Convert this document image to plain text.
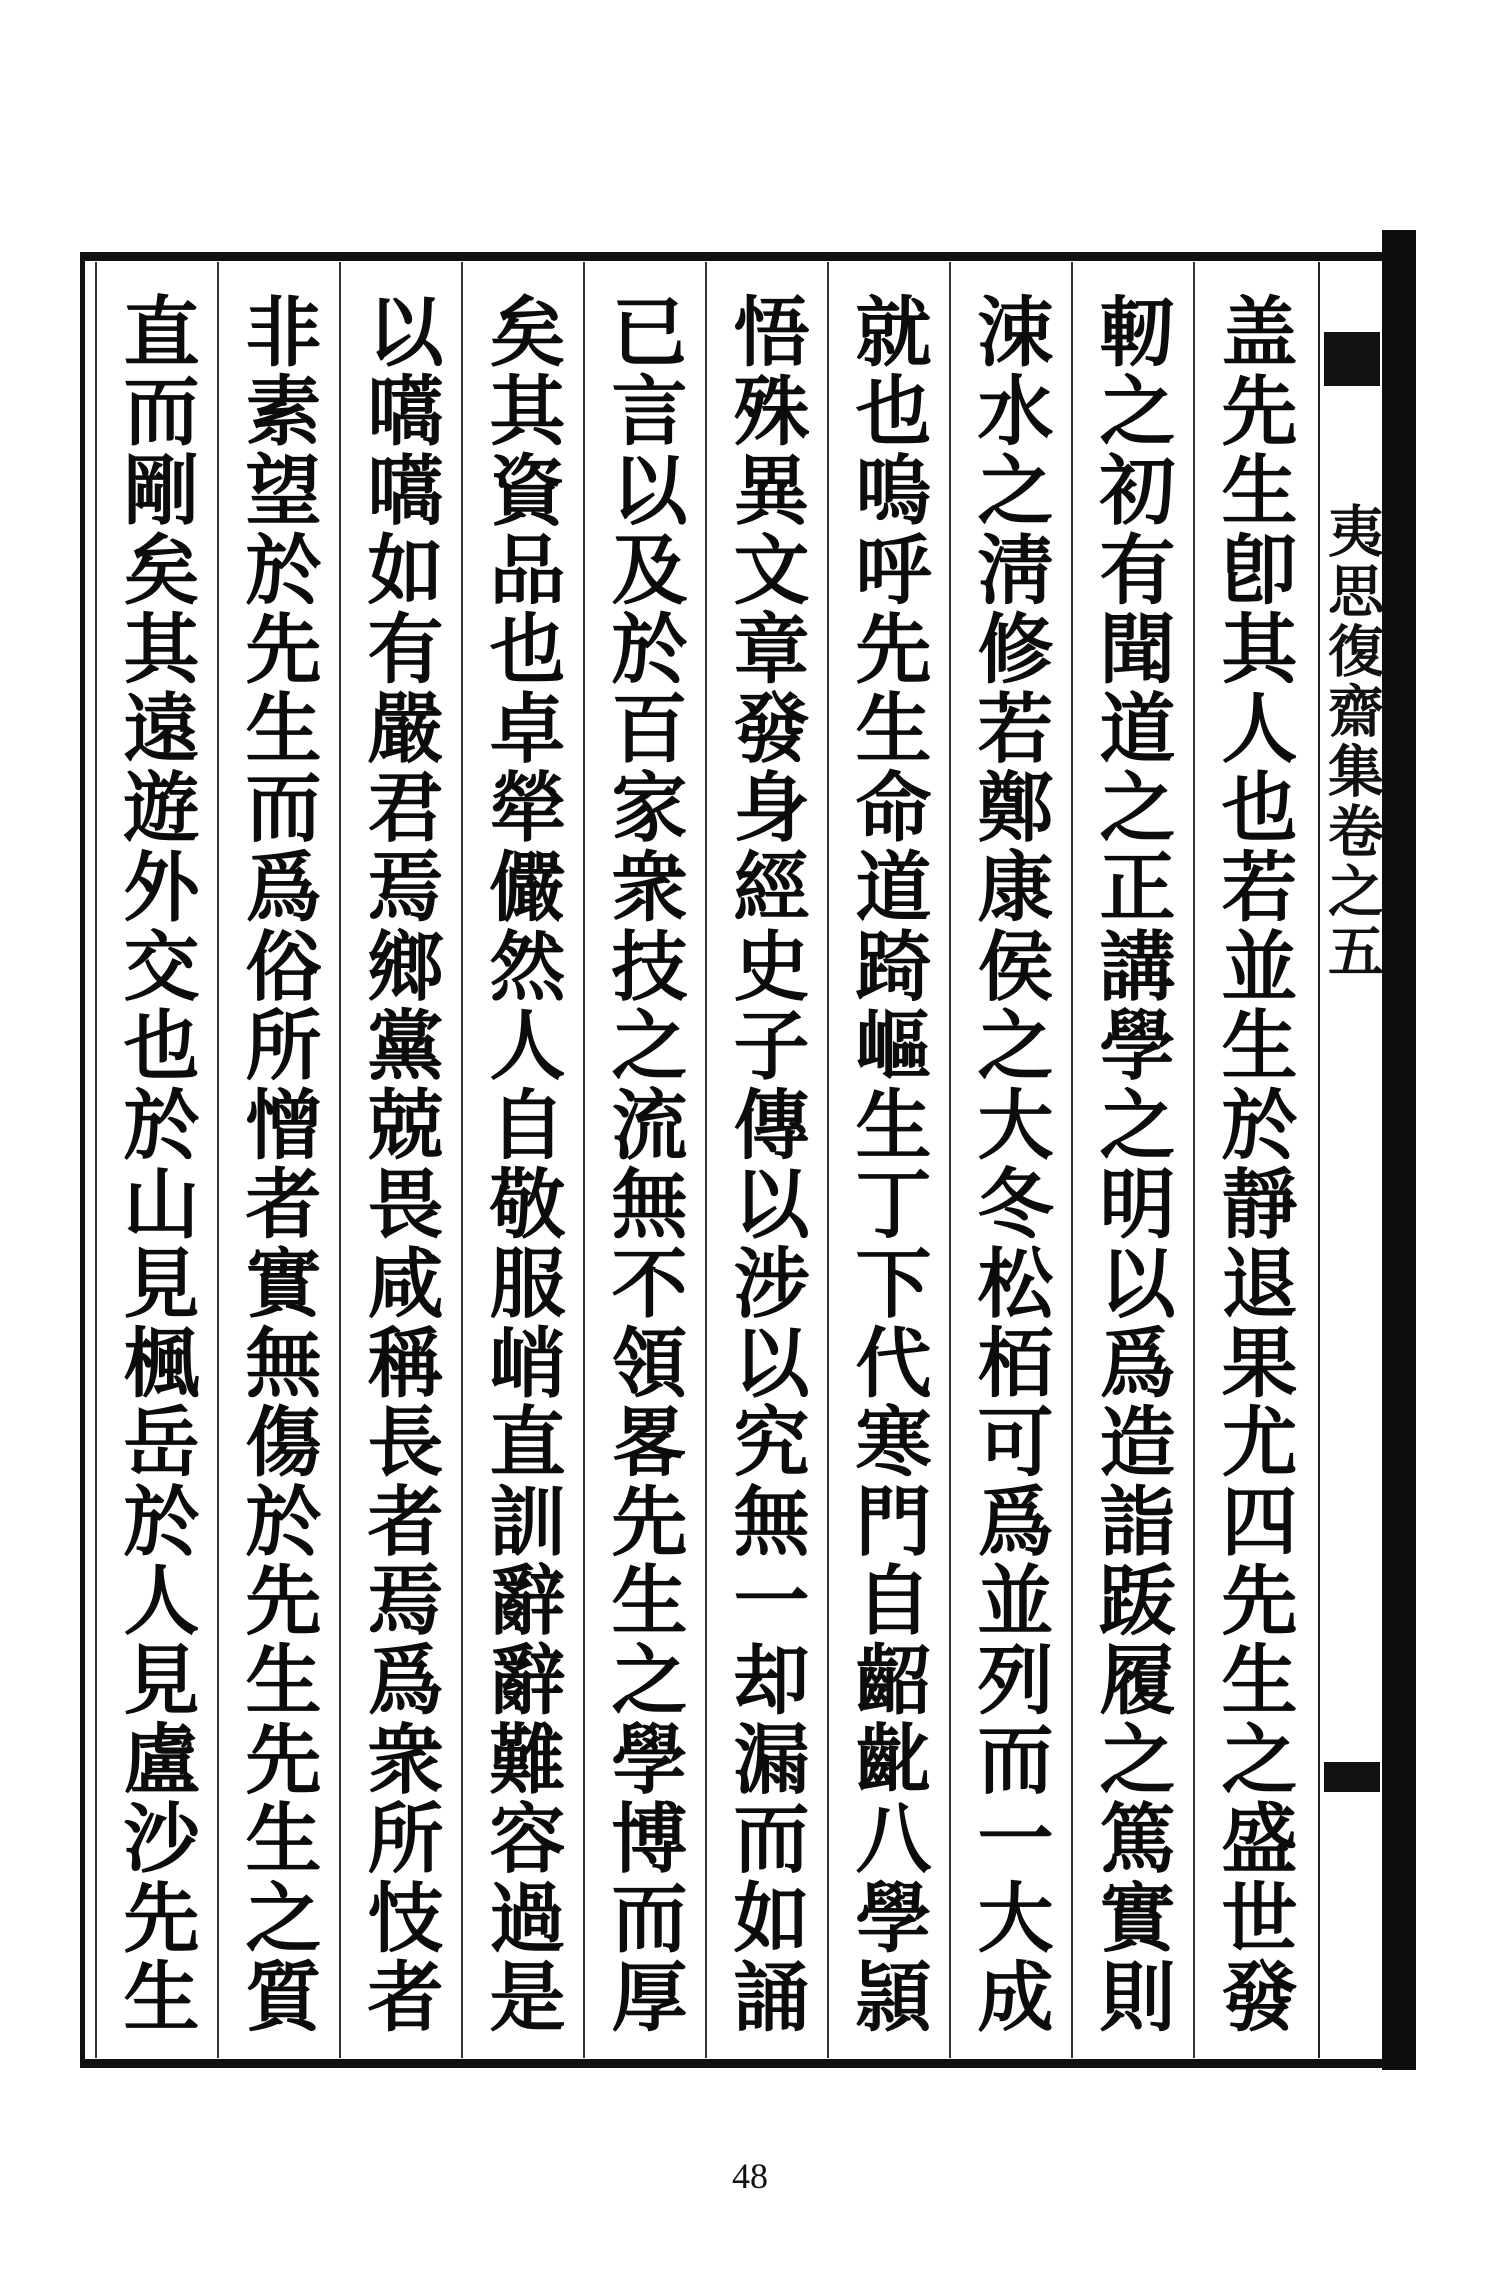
夷思復齋集卷之五
盖先生卽其人也若並生於靜退果尤四先生之盛世發
軔之初有聞道之正講學之明以爲造詣䟦履之篤實則
涑水之淸修若鄭康侯之大冬松栢可爲並列而一大成
就也嗚呼先生命道踦嶇生丁下代寒門自齠齔八學頴
悟殊異文章發身經史子傳以涉以究無一却漏而如誦
已言以及於百家衆技之流無不領畧先生之學博而厚
矣其資品也卓犖儼然人自敬服峭直訓辭辭難容過是
以嚆嚆如有嚴君焉鄉黨兢畏咸稱長者焉爲衆所忮者
非素望於先生而爲俗所憎者實無傷於先生先生之質
直而剛矣其遠遊外交也於山見楓岳於人見盧沙先生
48
